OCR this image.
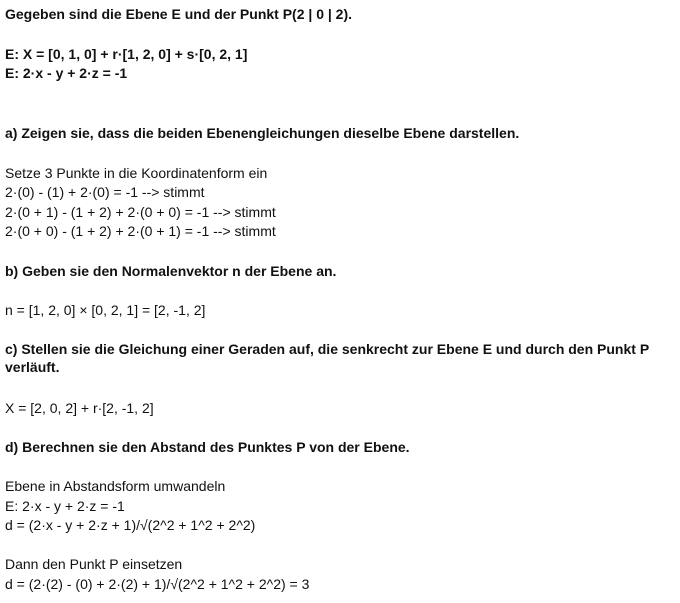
Gegeben sind die Ebene E und der Punkt P(2 | 0 | 2).
E: X = [0, 1, 0] + r·[1, 2, 0] + s·[0, 2, 1]
E: 2·x - y + 2·z = -1
a) Zeigen sie, dass die beiden Ebenengleichungen dieselbe Ebene darstellen.
Setze 3 Punkte in die Koordinatenform ein
2·(0) - (1) + 2·(0) = -1 --> stimmt
2·(0 + 1) - (1 + 2) + 2·(0 + 0) = -1 --> stimmt
2·(0 + 0) - (1 + 2) + 2·(0 + 1) = -1 --> stimmt
b) Geben sie den Normalenvektor n der Ebene an.
n = [1, 2, 0] × [0, 2, 1] = [2, -1, 2]
c) Stellen sie die Gleichung einer Geraden auf, die senkrecht zur Ebene E und durch den Punkt P verläuft.
X = [2, 0, 2] + r·[2, -1, 2]
d) Berechnen sie den Abstand des Punktes P von der Ebene.
Ebene in Abstandsform umwandeln
E: 2·x - y + 2·z = -1
d = (2·x - y + 2·z + 1)/√(2^2 + 1^2 + 2^2)
Dann den Punkt P einsetzen
d = (2·(2) - (0) + 2·(2) + 1)/√(2^2 + 1^2 + 2^2) = 3
